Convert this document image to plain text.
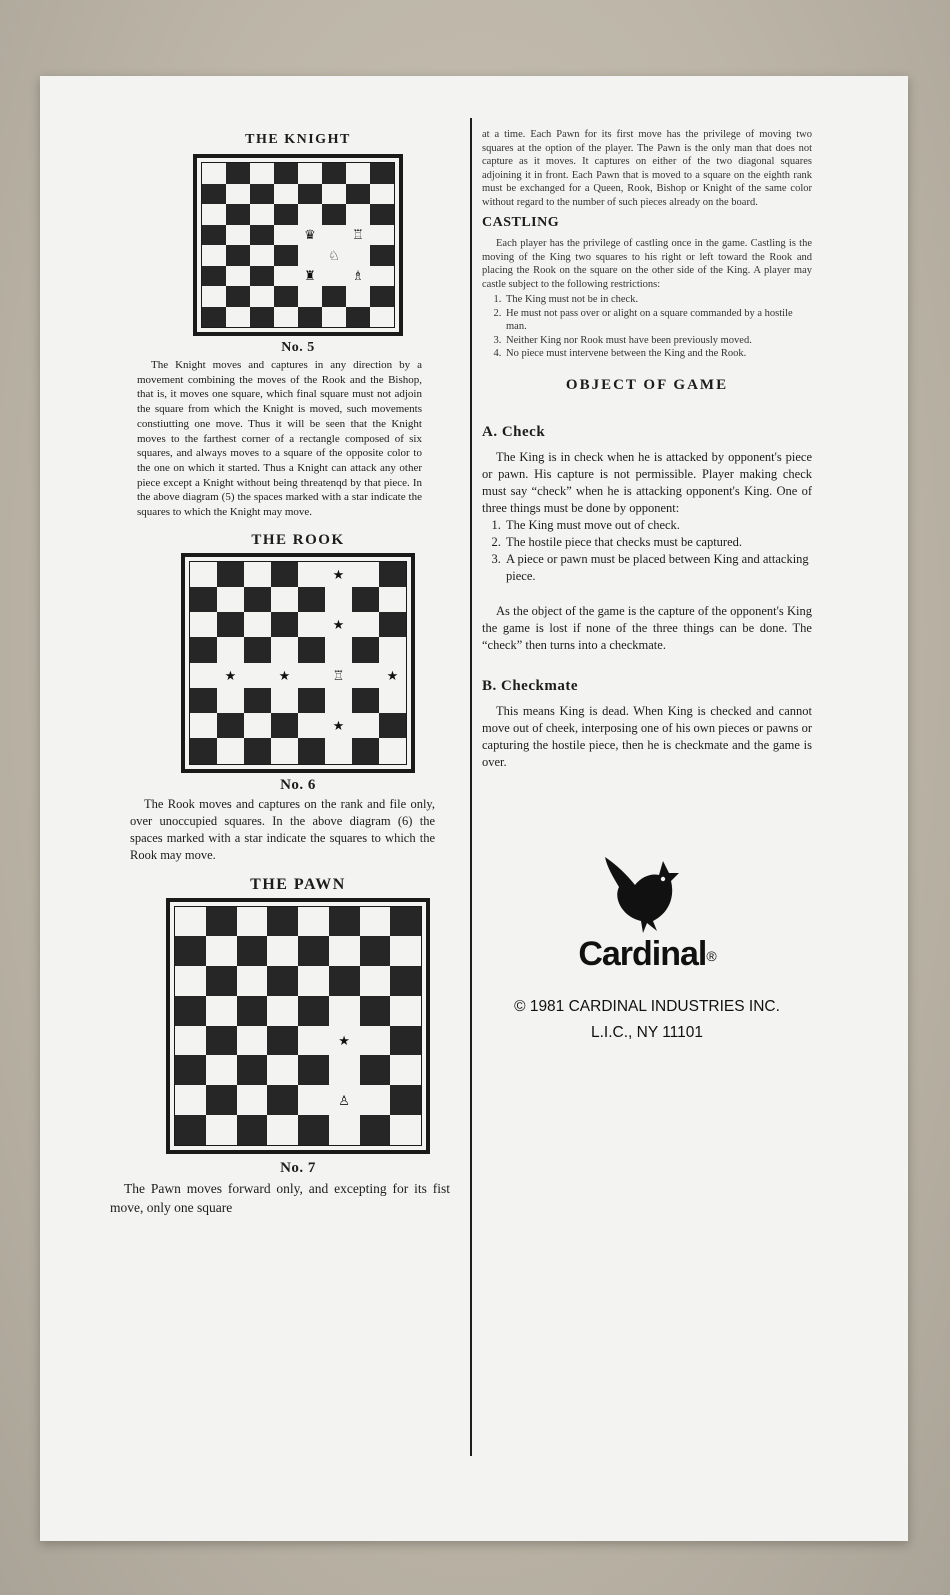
THE KNIGHT
♛	♖
♘
♜	♗
No. 5

The Knight moves and captures in any direction by a movement combining the moves of the Rook and the Bishop, that is, it moves one square, which final square must not adjoin the square from which the Knight is moved, such movements constiutting one move. Thus it will be seen that the Knight moves to the farthest corner of a rectangle composed of six squares, and always moves to a square of the opposite color to the one on which it started. Thus a Knight can attack any other piece except a Knight without being threatenqd by that piece. In the above diagram (5) the spaces marked with a star indicate the squares to which the Knight may move.

THE ROOK
★
★
★	★	♖	★
★
No. 6

The Rook moves and captures on the rank and file only, over unoccupied squares. In the above diagram (6) the spaces marked with a star indicate the squares to which the Rook may move.

THE PAWN
★
♙
No. 7

The Pawn moves forward only, and excepting for its fist move, only one square

at a time. Each Pawn for its first move has the privilege of moving two squares at the option of the player. The Pawn is the only man that does not capture as it moves. It captures on either of the two diagonal squares adjoining it in front. Each Pawn that is moved to a square on the eighth rank must be exchanged for a Queen, Rook, Bishop or Knight of the same color without regard to the number of such pieces already on the board.

CASTLING

Each player has the privilege of castling once in the game. Castling is the moving of the King two squares to his right or left toward the Rook and placing the Rook on the square on the other side of the King. A player may castle subject to the following restrictions:

1. The King must not be in check.
2. He must not pass over or alight on a square commanded by a hostile man.
3. Neither King nor Rook must have been previously moved.
4. No piece must intervene between the King and the Rook.
OBJECT OF GAME
A. Check

The King is in check when he is attacked by opponent's piece or pawn. His capture is not permissible. Player making check must say “check” when he is attacking opponent's King. One of three things must be done by opponent:

1. The King must move out of check.
2. The hostile piece that checks must be captured.
3. A piece or pawn must be placed between King and attacking piece.

As the object of the game is the capture of the opponent's King the game is lost if none of the three things can be done. The “check” then turns into a checkmate.

B. Checkmate

This means King is dead. When King is checked and cannot move out of cheek, interposing one of his own pieces or pawns or capturing the hostile piece, then he is checkmate and the game is over.

Cardinal®
© 1981 CARDINAL INDUSTRIES INC.
L.I.C., NY 11101
